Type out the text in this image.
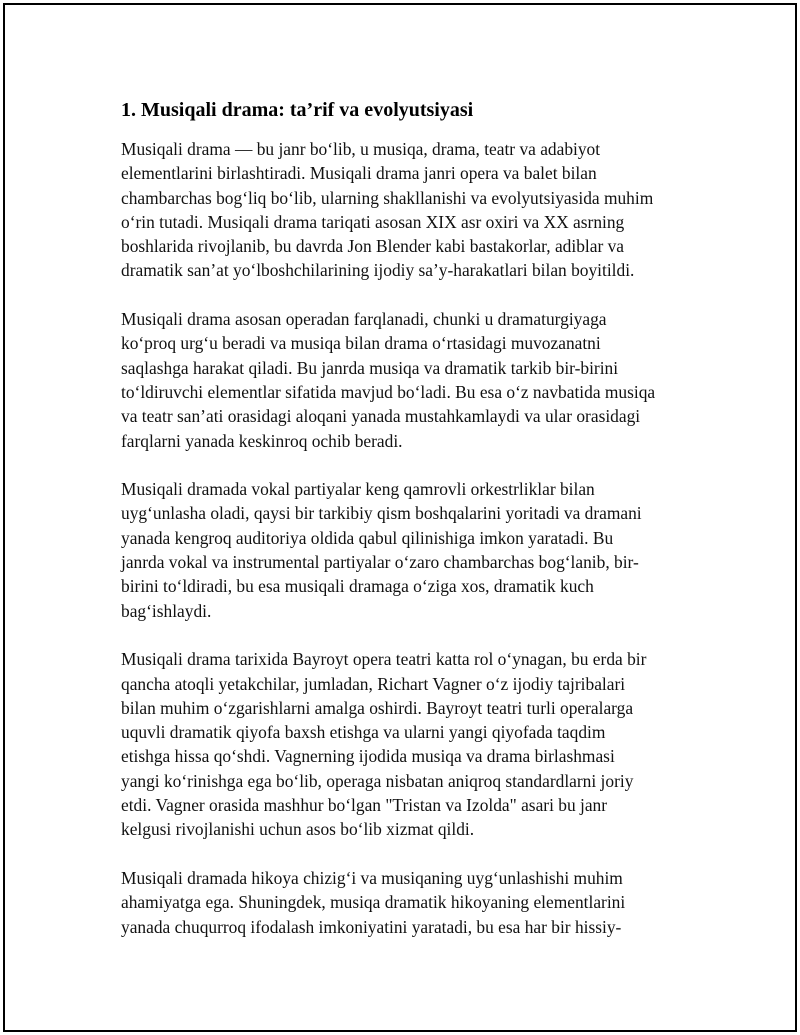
1. Musiqali drama: ta’rif va evolyutsiyasi

Musiqali drama — bu janr bo‘lib, u musiqa, drama, teatr va adabiyot
elementlarini birlashtiradi. Musiqali drama janri opera va balet bilan
chambarchas bog‘liq bo‘lib, ularning shakllanishi va evolyutsiyasida muhim
o‘rin tutadi. Musiqali drama tariqati asosan XIX asr oxiri va XX asrning
boshlarida rivojlanib, bu davrda Jon Blender kabi bastakorlar, adiblar va
dramatik san’at yo‘lboshchilarining ijodiy sa’y-harakatlari bilan boyitildi.

Musiqali drama asosan operadan farqlanadi, chunki u dramaturgiyaga
ko‘proq urg‘u beradi va musiqa bilan drama o‘rtasidagi muvozanatni
saqlashga harakat qiladi. Bu janrda musiqa va dramatik tarkib bir-birini
to‘ldiruvchi elementlar sifatida mavjud bo‘ladi. Bu esa o‘z navbatida musiqa
va teatr san’ati orasidagi aloqani yanada mustahkamlaydi va ular orasidagi
farqlarni yanada keskinroq ochib beradi.

Musiqali dramada vokal partiyalar keng qamrovli orkestrliklar bilan
uyg‘unlasha oladi, qaysi bir tarkibiy qism boshqalarini yoritadi va dramani
yanada kengroq auditoriya oldida qabul qilinishiga imkon yaratadi. Bu
janrda vokal va instrumental partiyalar o‘zaro chambarchas bog‘lanib, bir-
birini to‘ldiradi, bu esa musiqali dramaga o‘ziga xos, dramatik kuch
bag‘ishlaydi.

Musiqali drama tarixida Bayroyt opera teatri katta rol o‘ynagan, bu erda bir
qancha atoqli yetakchilar, jumladan, Richart Vagner o‘z ijodiy tajribalari
bilan muhim o‘zgarishlarni amalga oshirdi. Bayroyt teatri turli operalarga
uquvli dramatik qiyofa baxsh etishga va ularni yangi qiyofada taqdim
etishga hissa qo‘shdi. Vagnerning ijodida musiqa va drama birlashmasi
yangi ko‘rinishga ega bo‘lib, operaga nisbatan aniqroq standardlarni joriy
etdi. Vagner orasida mashhur bo‘lgan "Tristan va Izolda" asari bu janr
kelgusi rivojlanishi uchun asos bo‘lib xizmat qildi.

Musiqali dramada hikoya chizig‘i va musiqaning uyg‘unlashishi muhim
ahamiyatga ega. Shuningdek, musiqa dramatik hikoyaning elementlarini
yanada chuqurroq ifodalash imkoniyatini yaratadi, bu esa har bir hissiy-
